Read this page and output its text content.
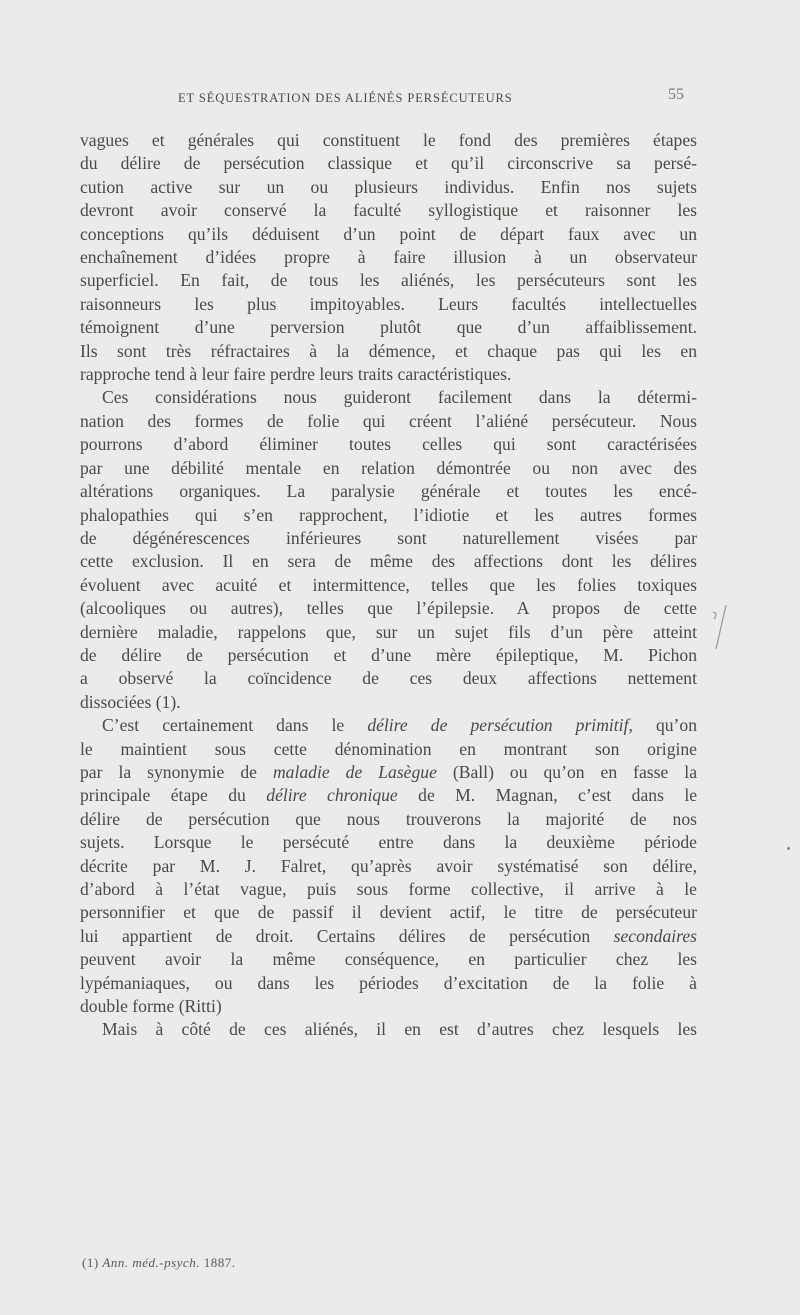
ET SÉQUESTRATION DES ALIÉNÉS PERSÉCUTEURS	55
vagues et générales qui constituent le fond des premières étapes
du délire de persécution classique et qu’il circonscrive sa persé-
cution active sur un ou plusieurs individus. Enfin nos sujets
devront avoir conservé la faculté syllogistique et raisonner les
conceptions qu’ils déduisent d’un point de départ faux avec un
enchaînement d’idées propre à faire illusion à un observateur
superficiel. En fait, de tous les aliénés, les persécuteurs sont les
raisonneurs les plus impitoyables. Leurs facultés intellectuelles
témoignent d’une perversion plutôt que d’un affaiblissement.
Ils sont très réfractaires à la démence, et chaque pas qui les en
rapproche tend à leur faire perdre leurs traits caractéristiques.
Ces considérations nous guideront facilement dans la détermi-
nation des formes de folie qui créent l’aliéné persécuteur. Nous
pourrons d’abord éliminer toutes celles qui sont caractérisées
par une débilité mentale en relation démontrée ou non avec des
altérations organiques. La paralysie générale et toutes les encé-
phalopathies qui s’en rapprochent, l’idiotie et les autres formes
de dégénérescences inférieures sont naturellement visées par
cette exclusion. Il en sera de même des affections dont les délires
évoluent avec acuité et intermittence, telles que les folies toxiques
(alcooliques ou autres), telles que l’épilepsie. A propos de cette
dernière maladie, rappelons que, sur un sujet fils d’un père atteint
de délire de persécution et d’une mère épileptique, M. Pichon
a observé la coïncidence de ces deux affections nettement
dissociées (1).
C’est certainement dans le délire de persécution primitif, qu’on
le maintient sous cette dénomination en montrant son origine
par la synonymie de maladie de Lasègue (Ball) ou qu’on en fasse la
principale étape du délire chronique de M. Magnan, c’est dans le
délire de persécution que nous trouverons la majorité de nos
sujets. Lorsque le persécuté entre dans la deuxième période
décrite par M. J. Falret, qu’après avoir systématisé son délire,
d’abord à l’état vague, puis sous forme collective, il arrive à le
personnifier et que de passif il devient actif, le titre de persécuteur
lui appartient de droit. Certains délires de persécution secondaires
peuvent avoir la même conséquence, en particulier chez les
lypémaniaques, ou dans les périodes d’excitation de la folie à
double forme (Ritti)
Mais à côté de ces aliénés, il en est d’autres chez lesquels les
(1) Ann. méd.-psych. 1887.
